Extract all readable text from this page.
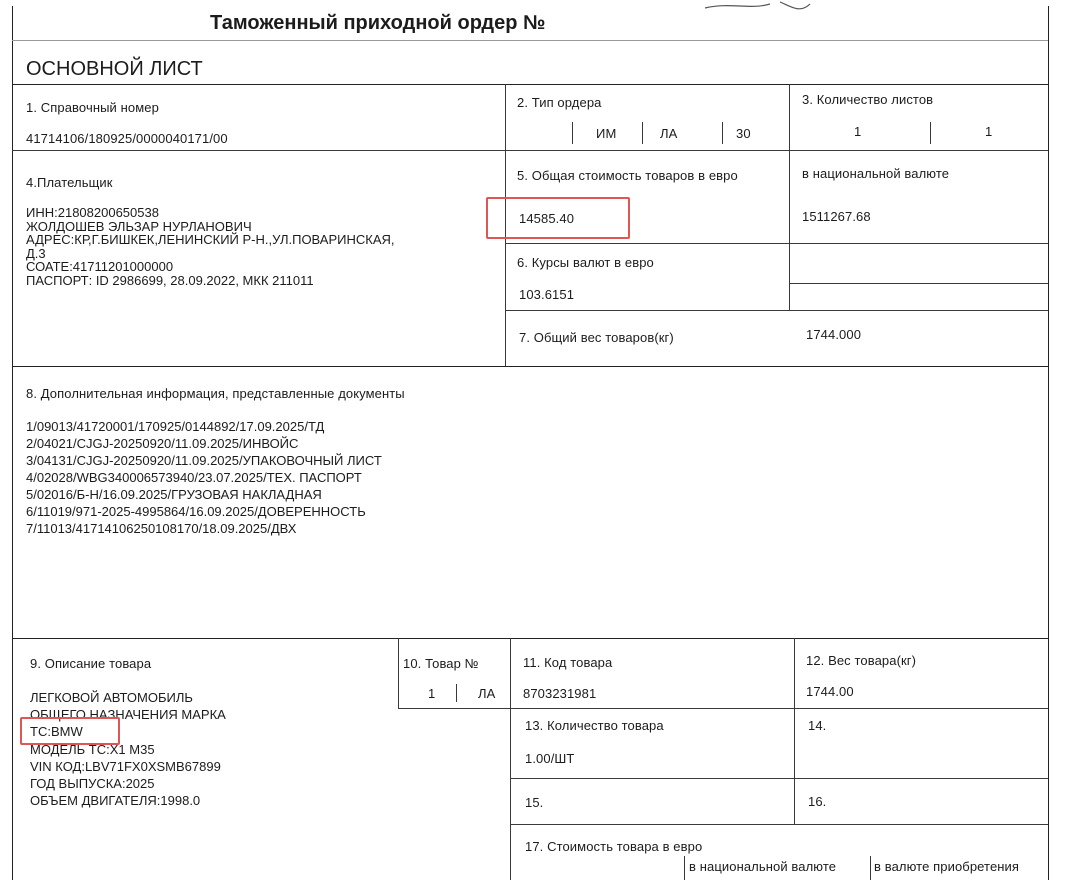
Таможенный приходной ордер №
ОСНОВНОЙ ЛИСТ
1. Справочный номер
41714106/180925/0000040171/00
2. Тип ордера
ИМ	ЛА	30
3. Количество листов
1	1
4.Плательщик
ИНН:21808200650538
ЖОЛДОШЕВ ЭЛЬЗАР НУРЛАНОВИЧ
АДРЕС:КР,Г.БИШКЕК,ЛЕНИНСКИЙ Р-Н.,УЛ.ПОВАРИНСКАЯ,
Д.3
СОАТЕ:41711201000000
ПАСПОРТ: ID 2986699, 28.09.2022, МКК 211011
5. Общая стоимость товаров в евро	в национальной валюте
14585.40	1511267.68
6. Курсы валют в евро
103.6151
7. Общий вес товаров(кг)	1744.000
8. Дополнительная информация, представленные документы
1/09013/41720001/170925/0144892/17.09.2025/ТД
2/04021/CJGJ-20250920/11.09.2025/ИНВОЙС
3/04131/CJGJ-20250920/11.09.2025/УПАКОВОЧНЫЙ ЛИСТ
4/02028/WBG340006573940/23.07.2025/ТЕХ. ПАСПОРТ
5/02016/Б-Н/16.09.2025/ГРУЗОВАЯ НАКЛАДНАЯ
6/11019/971-2025-4995864/16.09.2025/ДОВЕРЕННОСТЬ
7/11013/41714106250108170/18.09.2025/ДВХ
9. Описание товара
ЛЕГКОВОЙ АВТОМОБИЛЬ
ОБЩЕГО НАЗНАЧЕНИЯ МАРКА
ТС:BMW
МОДЕЛЬ ТС:X1 M35
VIN КОД:LBV71FX0XSMB67899
ГОД ВЫПУСКА:2025
ОБЪЕМ ДВИГАТЕЛЯ:1998.0
10. Товар №
1	ЛА
11. Код товара
8703231981
12. Вес товара(кг)
1744.00
13. Количество товара
1.00/ШТ
14.
15.	16.
17. Стоимость товара в евро
в национальной валюте	в валюте приобретения
